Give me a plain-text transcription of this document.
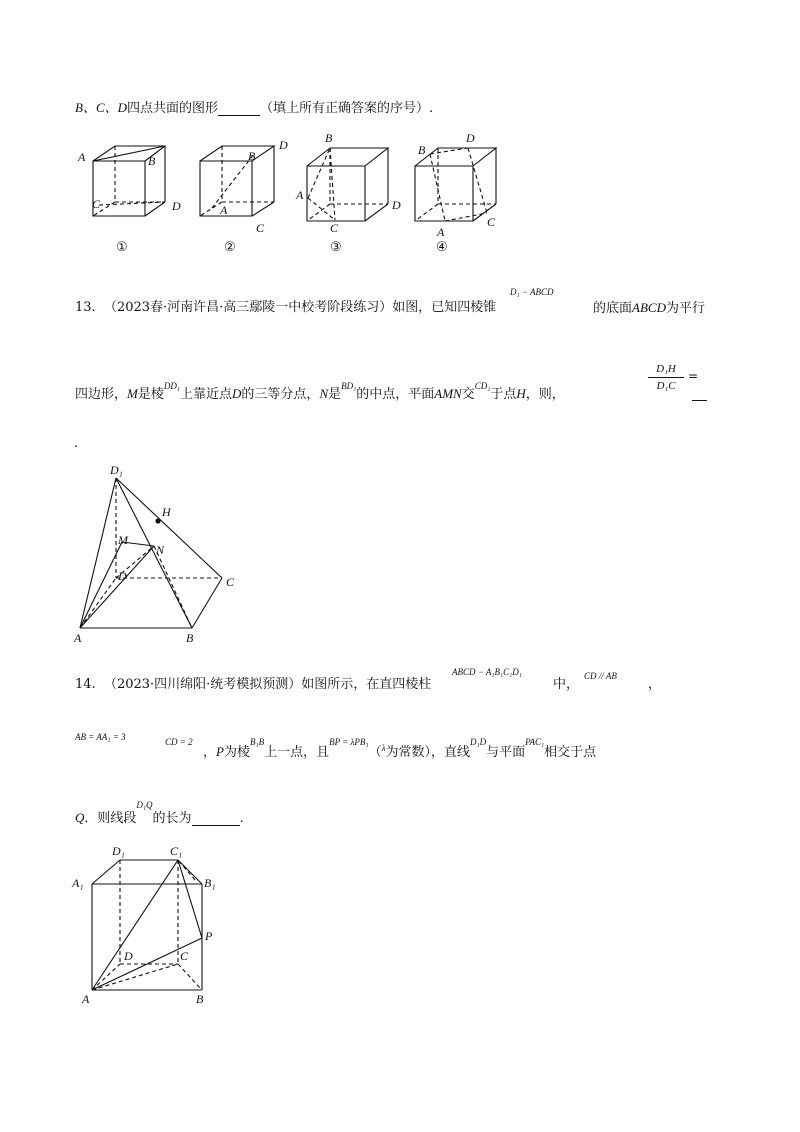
B、C、D四点共面的图形	（填上所有正确答案的序号）.
A	B
C	D
B
D
A
C
B
A
D
C
B
D
A
C
①	②	③	④
13. （2023春·河南许昌·高三鄢陵一中校考阶段练习）如图，已知四棱锥
D₁ − ABCD
的底面ABCD为平行
四边形，M是棱$^{DD_1}$上靠近点D的三等分点，N是$^{BD_1}$的中点，平面AMN交$^{CD_1}$于点H，则，
$\frac{\text{D₁H}}{\text{D₁C}}$ =
.
D₁
H
M
N
D	C
A	B
14. （2023·四川绵阳·统考模拟预测）如图所示，在直四棱柱
ABCD − A₁B₁C₁D₁
中，
CD // AB
，
AB = AA₁ = 3	CD = 2
，P为棱$^{B_1B}$上一点，且$^{BP = \lambda PB_1}$（$^\lambda$为常数），直线$^{D_1D}$与平面$^{PAC_1}$相交于点
Q．则线段$^{D_1Q}$的长为	.
D₁	C₁
A₁	B₁
P
D	C
A	B
